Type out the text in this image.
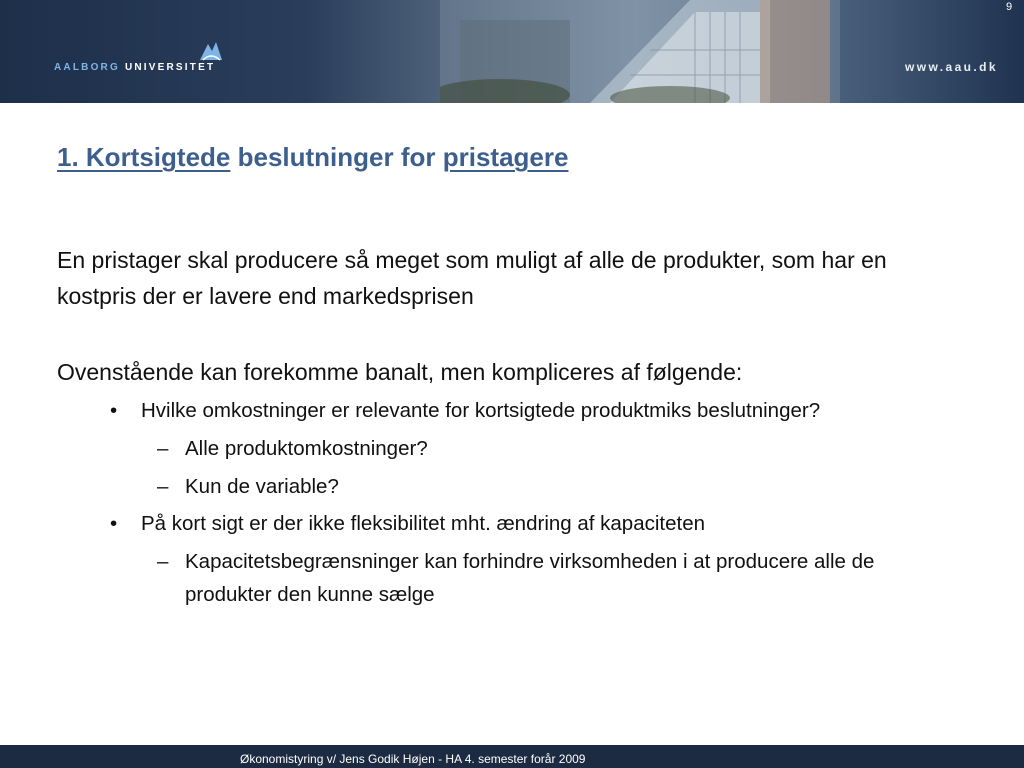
AALBORG UNIVERSITET	www.aau.dk
1. Kortsigtede beslutninger for pristagere

En pristager skal producere så meget som muligt af alle de produkter, som har en kostpris der er lavere end markedsprisen

Ovenstående kan forekomme banalt, men kompliceres af følgende:

• Hvilke omkostninger er relevante for kortsigtede produktmiks beslutninger?
– Alle produktomkostninger?
– Kun de variable?
• På kort sigt er der ikke fleksibilitet mht. ændring af kapaciteten
– Kapacitetsbegrænsninger kan forhindre virksomheden i at producere alle de produkter den kunne sælge
Økonomistyring v/ Jens Godik Højen - HA 4. semester forår 2009
9
